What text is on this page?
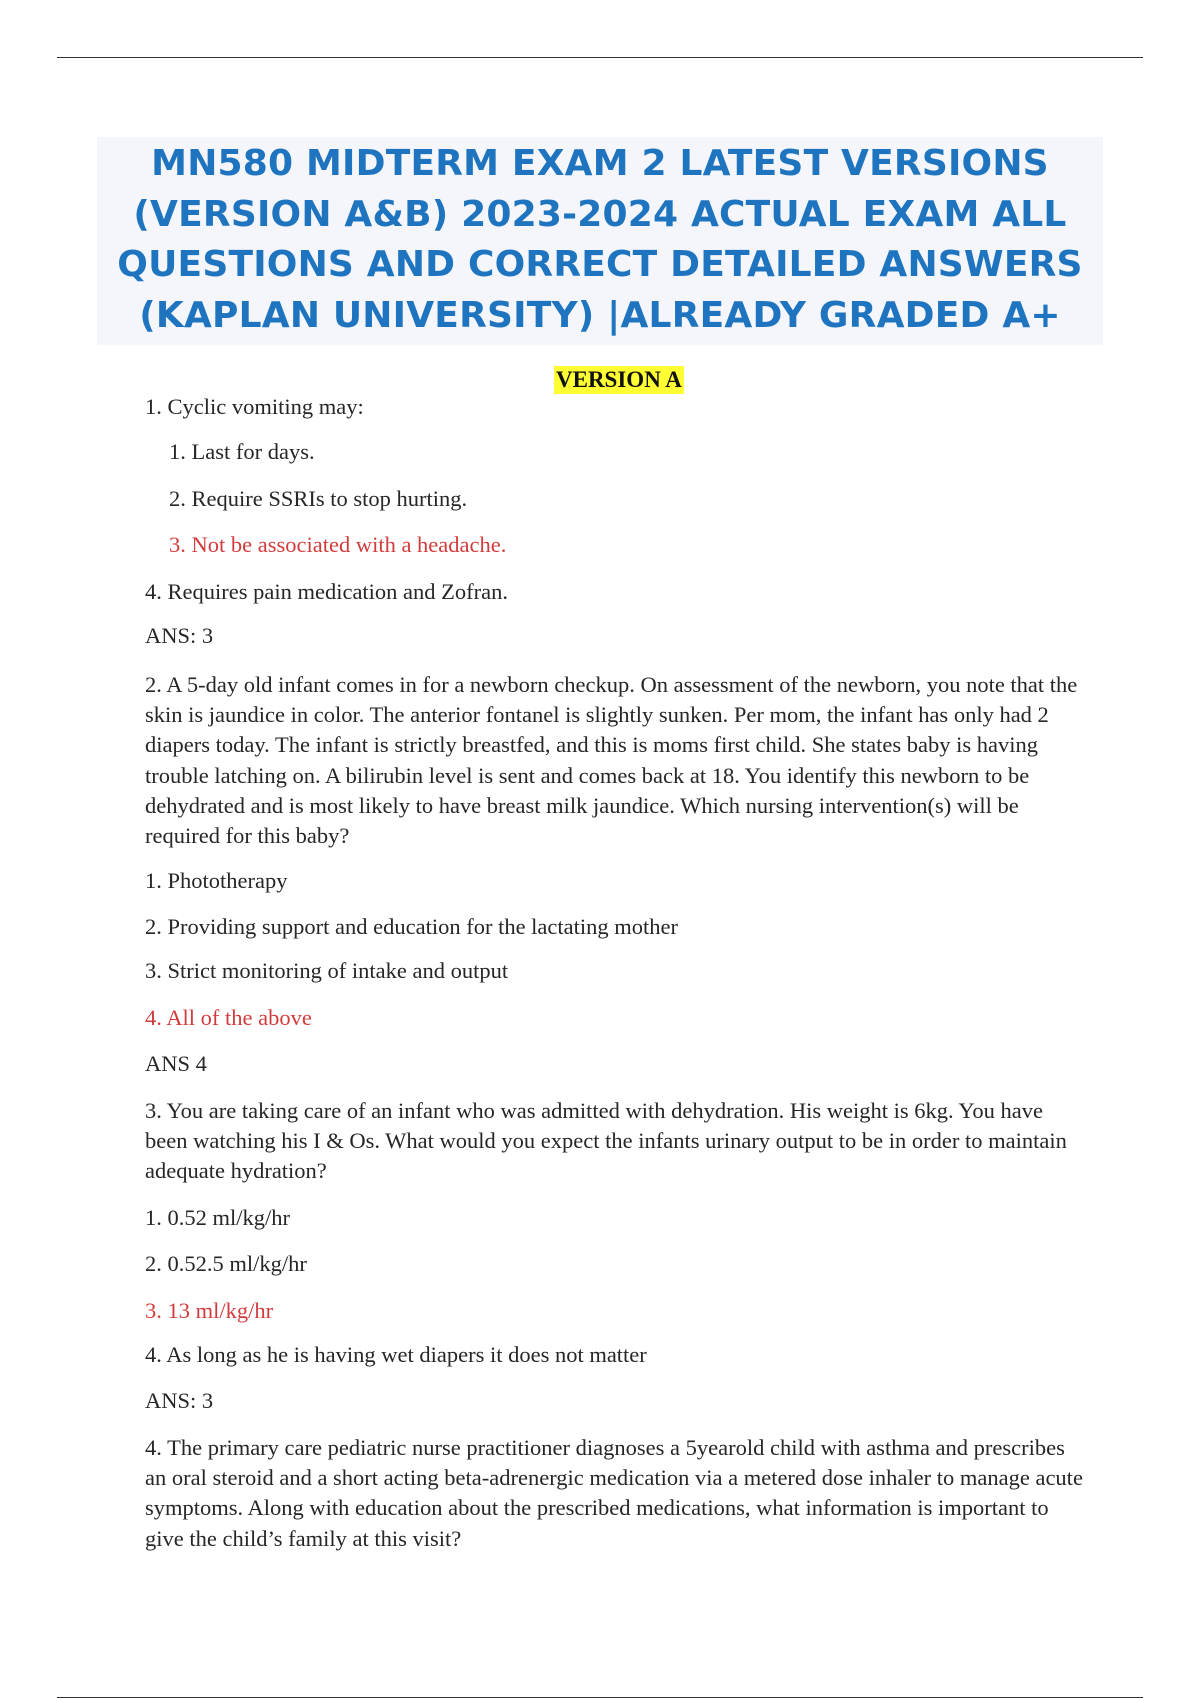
MN580 MIDTERM EXAM 2 LATEST VERSIONS
(VERSION A&B) 2023-2024 ACTUAL EXAM ALL
QUESTIONS AND CORRECT DETAILED ANSWERS
(KAPLAN UNIVERSITY) |ALREADY GRADED A+
VERSION A
1. Cyclic vomiting may:
1. Last for days.
2. Require SSRIs to stop hurting.
3. Not be associated with a headache.
4. Requires pain medication and Zofran.
ANS: 3
2. A 5-day old infant comes in for a newborn checkup. On assessment of the newborn, you note that the skin is jaundice in color. The anterior fontanel is slightly sunken. Per mom, the infant has only had 2 diapers today. The infant is strictly breastfed, and this is moms first child. She states baby is having trouble latching on. A bilirubin level is sent and comes back at 18. You identify this newborn to be dehydrated and is most likely to have breast milk jaundice. Which nursing intervention(s) will be required for this baby?
1. Phototherapy
2. Providing support and education for the lactating mother
3. Strict monitoring of intake and output
4. All of the above
ANS 4
3. You are taking care of an infant who was admitted with dehydration. His weight is 6kg. You have been watching his I & Os. What would you expect the infants urinary output to be in order to maintain adequate hydration?
1. 0.52 ml/kg/hr
2. 0.52.5 ml/kg/hr
3. 13 ml/kg/hr
4. As long as he is having wet diapers it does not matter
ANS: 3
4. The primary care pediatric nurse practitioner diagnoses a 5yearold child with asthma and prescribes an oral steroid and a short acting beta-adrenergic medication via a metered dose inhaler to manage acute symptoms. Along with education about the prescribed medications, what information is important to give the child’s family at this visit?
